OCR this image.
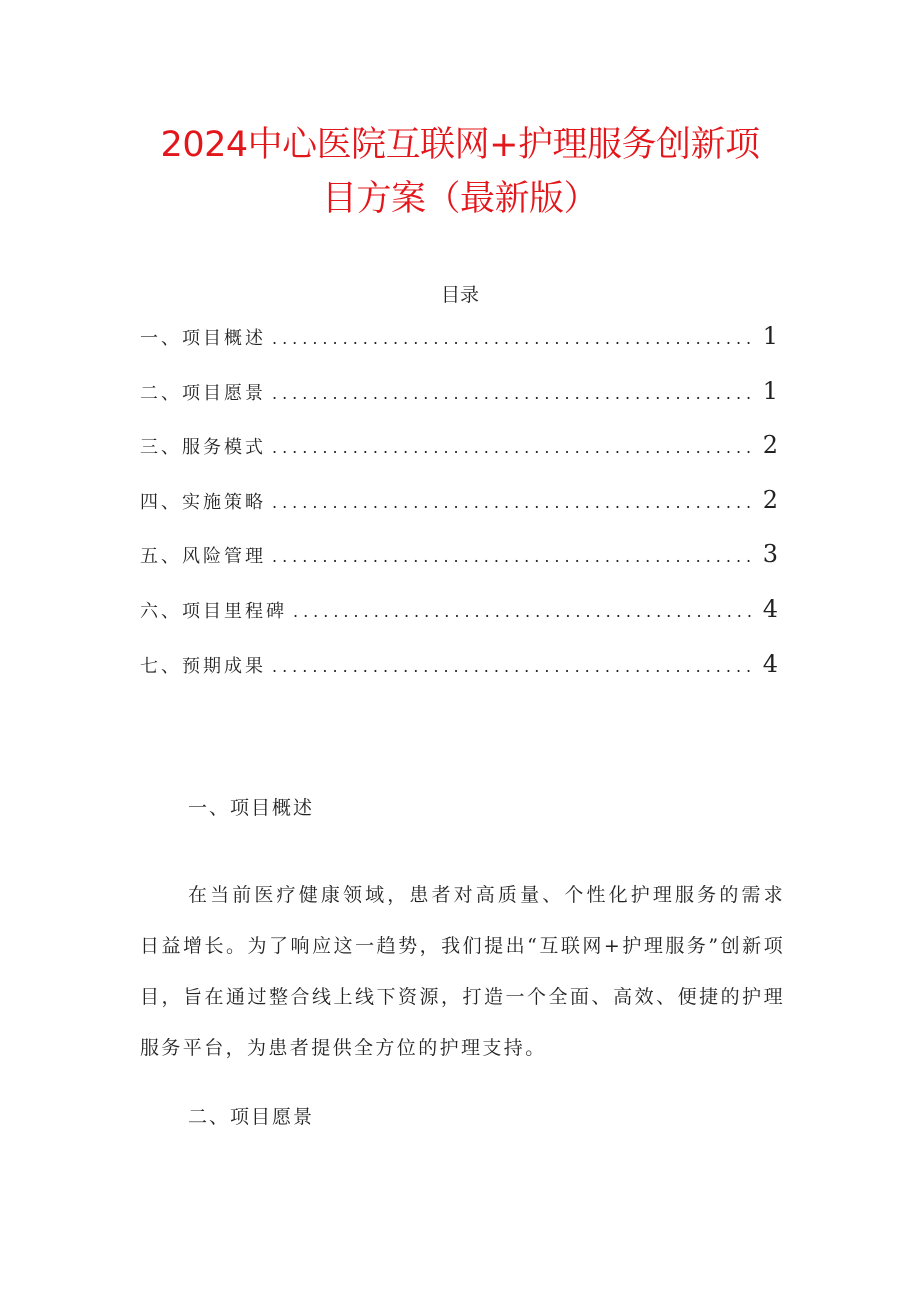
2024中心医院互联网+护理服务创新项
目方案（最新版）
目录
一、项目概述 .....	1
二、项目愿景 .....	1
三、服务模式 .....	2
四、实施策略 .....	2
五、风险管理 .....	3
六、项目里程碑 .....	4
七、预期成果 .....	4
一、项目概述

在当前医疗健康领域，患者对高质量、个性化护理服务的需求日益增长。为了响应这一趋势，我们提出“互联网+护理服务”创新项目，旨在通过整合线上线下资源，打造一个全面、高效、便捷的护理服务平台，为患者提供全方位的护理支持。

二、项目愿景
